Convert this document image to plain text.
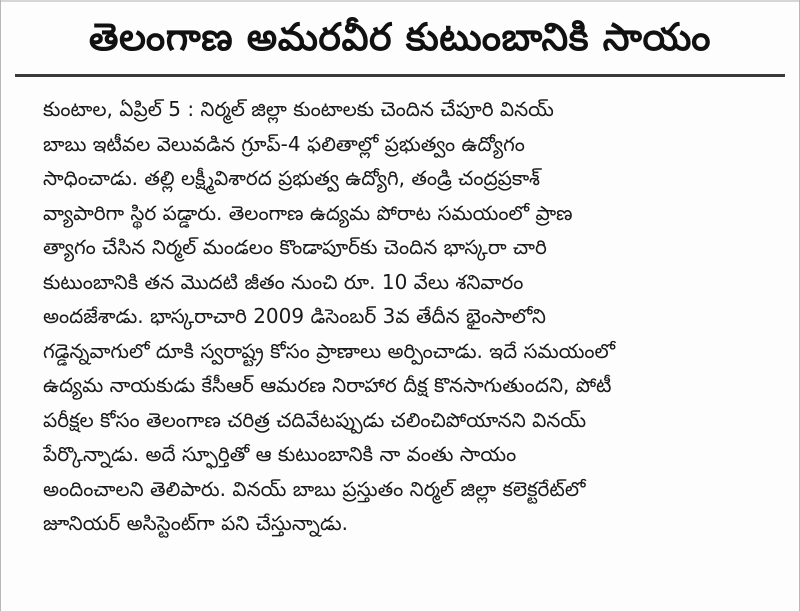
తెలంగాణ అమరవీర కుటుంబానికి సాయం
కుంటాల, ఏప్రిల్ 5 : నిర్మల్ జిల్లా కుంటాలకు చెందిన చేపూరి వినయ్
బాబు ఇటీవల వెలువడిన గ్రూప్-4 ఫలితాల్లో ప్రభుత్వం ఉద్యోగం
సాధించాడు. తల్లి లక్ష్మీవిశారద ప్రభుత్వ ఉద్యోగి, తండ్రి చంద్రప్రకాశ్
వ్యాపారిగా స్థిర పడ్డారు. తెలంగాణ ఉద్యమ పోరాట సమయంలో ప్రాణ
త్యాగం చేసిన నిర్మల్ మండలం కొండాపూర్‌కు చెందిన భాస్కరా చారి
కుటుంబానికి తన మొదటి జీతం నుంచి రూ. 10 వేలు శనివారం
అందజేశాడు. భాస్కరాచారి 2009 డిసెంబర్ 3వ తేదీన భైంసాలోని
గడ్డెన్నవాగులో దూకి స్వరాష్ట్ర కోసం ప్రాణాలు అర్పించాడు. ఇదే సమయంలో
ఉద్యమ నాయకుడు కేసీఆర్ ఆమరణ నిరాహార దీక్ష కొనసాగుతుందని, పోటీ
పరీక్షల కోసం తెలంగాణ చరిత్ర చదివేటప్పుడు చలించిపోయానని వినయ్
పేర్కొన్నాడు. అదే స్ఫూర్తితో ఆ కుటుంబానికి నా వంతు సాయం
అందించాలని తెలిపారు. వినయ్ బాబు ప్రస్తుతం నిర్మల్ జిల్లా కలెక్టరేట్‌లో
జూనియర్ అసిస్టెంట్‌గా పని చేస్తున్నాడు.
